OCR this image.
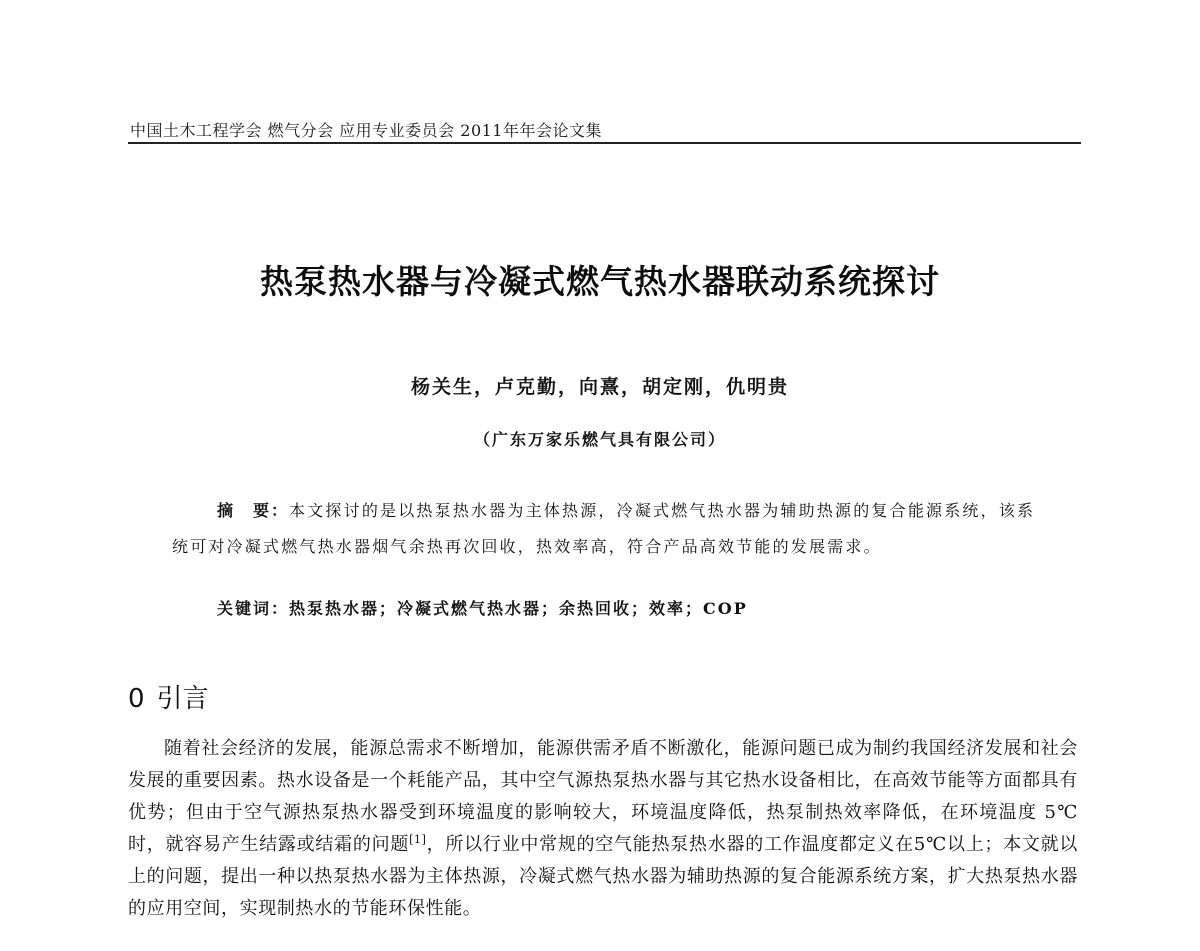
中国土木工程学会 燃气分会 应用专业委员会 2011年年会论文集
热泵热水器与冷凝式燃气热水器联动系统探讨
杨关生，卢克勤，向熹，胡定刚，仇明贵
（广东万家乐燃气具有限公司）

摘　要：本文探讨的是以热泵热水器为主体热源，冷凝式燃气热水器为辅助热源的复合能源系统，该系统可对冷凝式燃气热水器烟气余热再次回收，热效率高，符合产品高效节能的发展需求。

关键词：热泵热水器；冷凝式燃气热水器；余热回收；效率；COP
0 引言

随着社会经济的发展，能源总需求不断增加，能源供需矛盾不断激化，能源问题已成为制约我国经济发展和社会发展的重要因素。热水设备是一个耗能产品，其中空气源热泵热水器与其它热水设备相比，在高效节能等方面都具有优势；但由于空气源热泵热水器受到环境温度的影响较大，环境温度降低，热泵制热效率降低，在环境温度 5℃时，就容易产生结露或结霜的问题[1]，所以行业中常规的空气能热泵热水器的工作温度都定义在5℃以上；本文就以上的问题，提出一种以热泵热水器为主体热源，冷凝式燃气热水器为辅助热源的复合能源系统方案，扩大热泵热水器的应用空间，实现制热水的节能环保性能。
